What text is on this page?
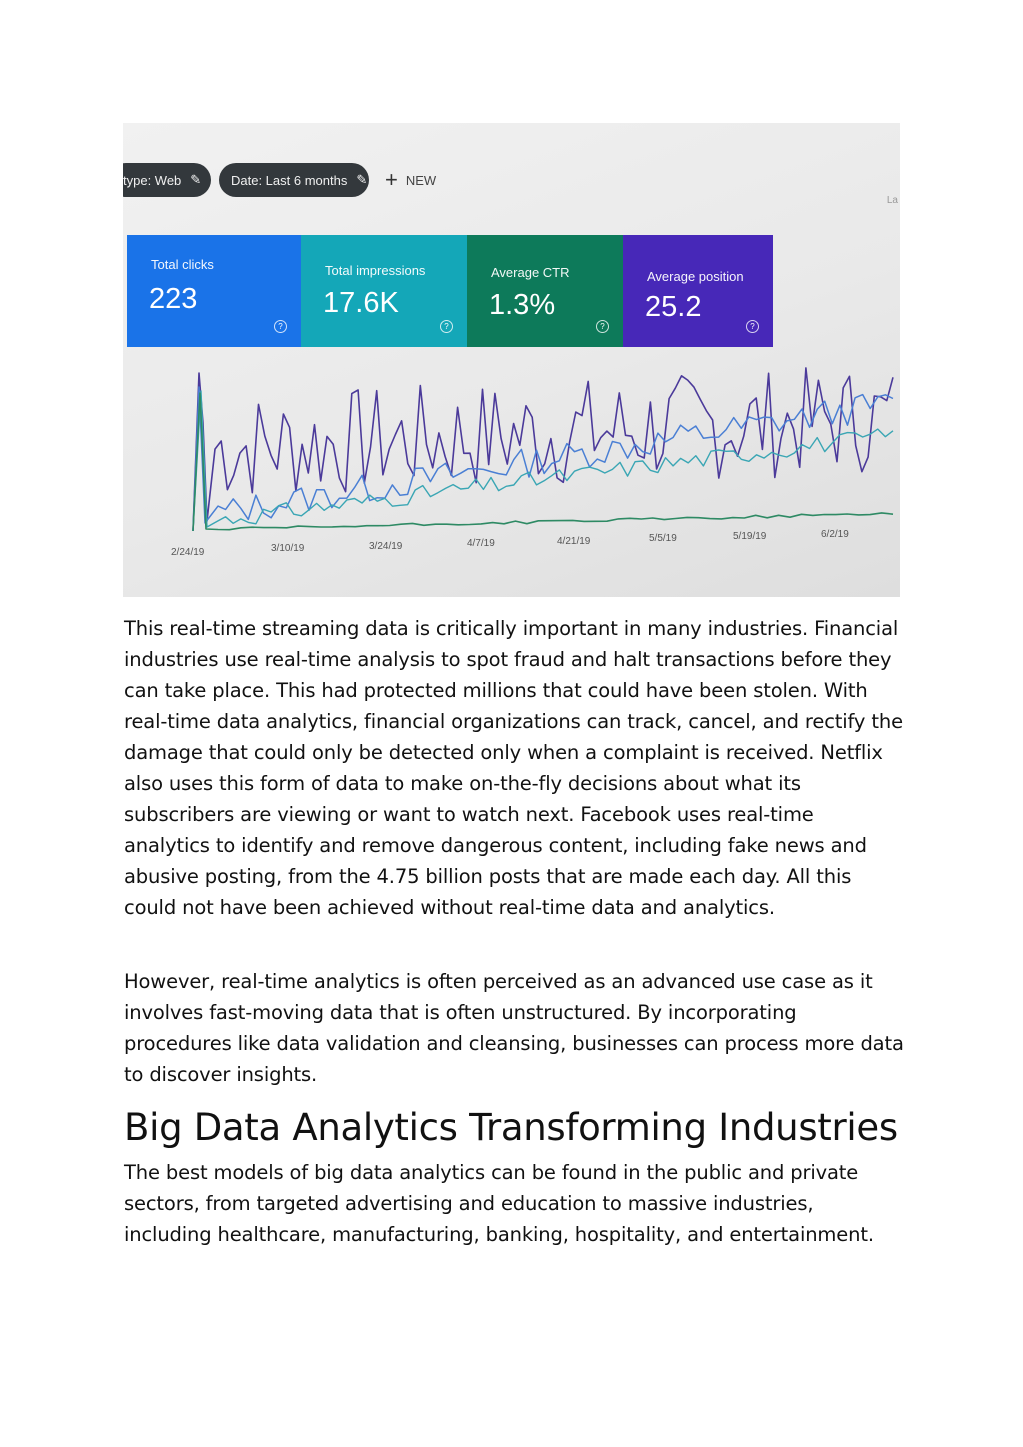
type: Web ✎ Date: Last 6 months ✎ + NEW
La
Total clicks
223
?
Total impressions
17.6K
?
Average CTR
1.3%
?
Average position
25.2
?
2/24/19	3/10/19	3/24/19	4/7/19	4/21/19	5/5/19	5/19/19	6/2/19

This real-time streaming data is critically important in many industries. Financial industries use real-time analysis to spot fraud and halt transactions before they can take place. This had protected millions that could have been stolen. With real-time data analytics, financial organizations can track, cancel, and rectify the damage that could only be detected only when a complaint is received. Netflix also uses this form of data to make on-the-fly decisions about what its subscribers are viewing or want to watch next. Facebook uses real-time analytics to identify and remove dangerous content, including fake news and abusive posting, from the 4.75 billion posts that are made each day. All this could not have been achieved without real-time data and analytics.

However, real-time analytics is often perceived as an advanced use case as it involves fast-moving data that is often unstructured. By incorporating procedures like data validation and cleansing, businesses can process more data to discover insights.

Big Data Analytics Transforming Industries

The best models of big data analytics can be found in the public and private sectors, from targeted advertising and education to massive industries, including healthcare, manufacturing, banking, hospitality, and entertainment.
